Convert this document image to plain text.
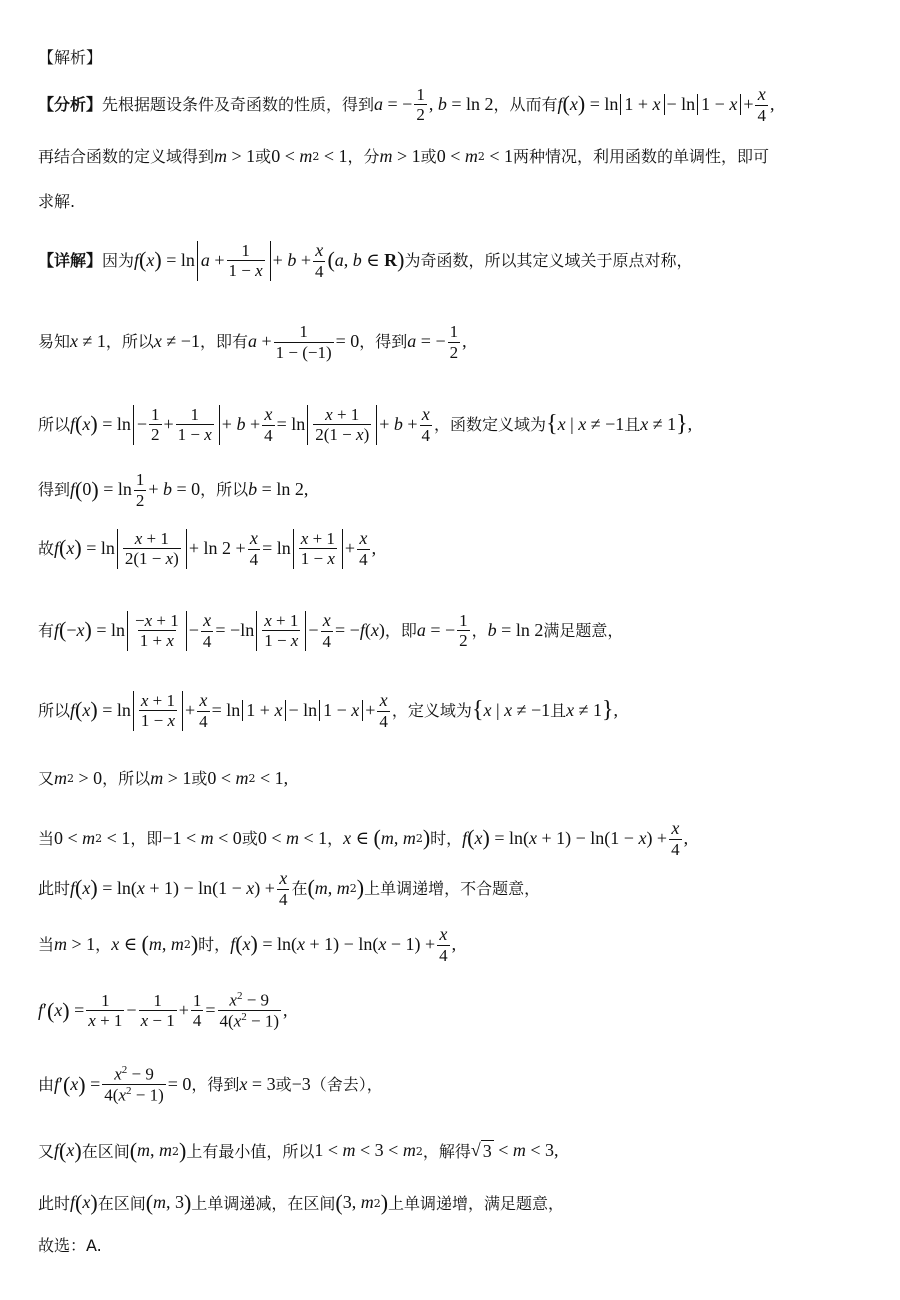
【解析】
【分析】 先根据题设条件及奇函数的性质，得到 a = − $\frac{1}{2}$ , b = ln 2 ，从而有 f ( x ) = $\ln 1 + x - \ln 1 - x + \frac{x}{4}$ ,
再结合函数的定义域得到 m > 1 或 0 < m 2 < 1 ，分 m > 1 或 0 < m 2 < 1 两种情况，利用函数的单调性，即可
求解.
【详解】 因为 f ( x ) = $\ln a + \frac{1}{1 - x} + b + \frac{x}{4}$ ( a , b ∈ R ) 为奇函数，所以其定义域关于原点对称，
易知 x ≠ 1 ，所以 x ≠ −1 ，即有 $a + \frac{1}{1 - (-1)} = 0$ ，得到 a = − $\frac{1}{2}$ ,
所以 f ( x ) = $\ln - \frac{1}{2} + \frac{1}{1 - x} + b + \frac{x}{4} = \ln \frac{x + 1}{2(1 - x)} + b + \frac{x}{4}$ ，函数定义域为 { x | x ≠ −1 且 x ≠ 1 } ,
得到 f ( 0 ) = $\ln \frac{1}{2} + b = 0$ ，所以 b = ln 2,
故 f ( x ) = $\ln \frac{x + 1}{2(1 - x)} + \ln 2 + \frac{x}{4} = \ln \frac{x + 1}{1 - x} + \frac{x}{4}$ ,
有 f ( − x ) = $\ln \frac{-x + 1}{1 + x} - \frac{x}{4} = -\ln \frac{x + 1}{1 - x} - \frac{x}{4}$ = − f ( x ) ，即 a = − $\frac{1}{2}$ ， b = ln 2 满足题意，
所以 f ( x ) = $\ln \frac{x + 1}{1 - x} + \frac{x}{4} = \ln 1 + x - \ln 1 - x + \frac{x}{4}$ ，定义域为 { x | x ≠ −1 且 x ≠ 1 } ,
又 m 2 > 0 ，所以 m > 1 或 0 < m 2 < 1,
当 0 < m 2 < 1 ，即 −1 < m < 0 或 0 < m < 1 ， x ∈ ( m , m 2 ) 时， f ( x ) = ln( x + 1) − ln(1 − x ) + $\frac{x}{4}$ ,
此时 f ( x ) = ln( x + 1) − ln(1 − x ) + $\frac{x}{4}$ 在 ( m , m 2 ) 上单调递增，不合题意，
当 m > 1 ， x ∈ ( m , m 2 ) 时， f ( x ) = ln( x + 1) − ln( $x - 1) + \frac{x}{4}$ ,
f ′ ( x ) = $\frac{1}{x + 1} - \frac{1}{x - 1} + \frac{1}{4} = \frac{x^2 - 9}{4(x^2 - 1)}$ ,
由 f ′ ( x ) = $\frac{x^2 - 9}{4(x^2 - 1)} = 0$ ，得到 x = 3 或 −3 （舍去），
又 f ( x ) 在区间 ( m , m 2 ) 上有最小值，所以 1 < m < 3 < m 2 ，解得 √ 3 < m < 3,
此时 f ( x ) 在区间 ( m , 3 ) 上单调递减，在区间 ( 3, m 2 ) 上单调递增，满足题意，
故选：A.
